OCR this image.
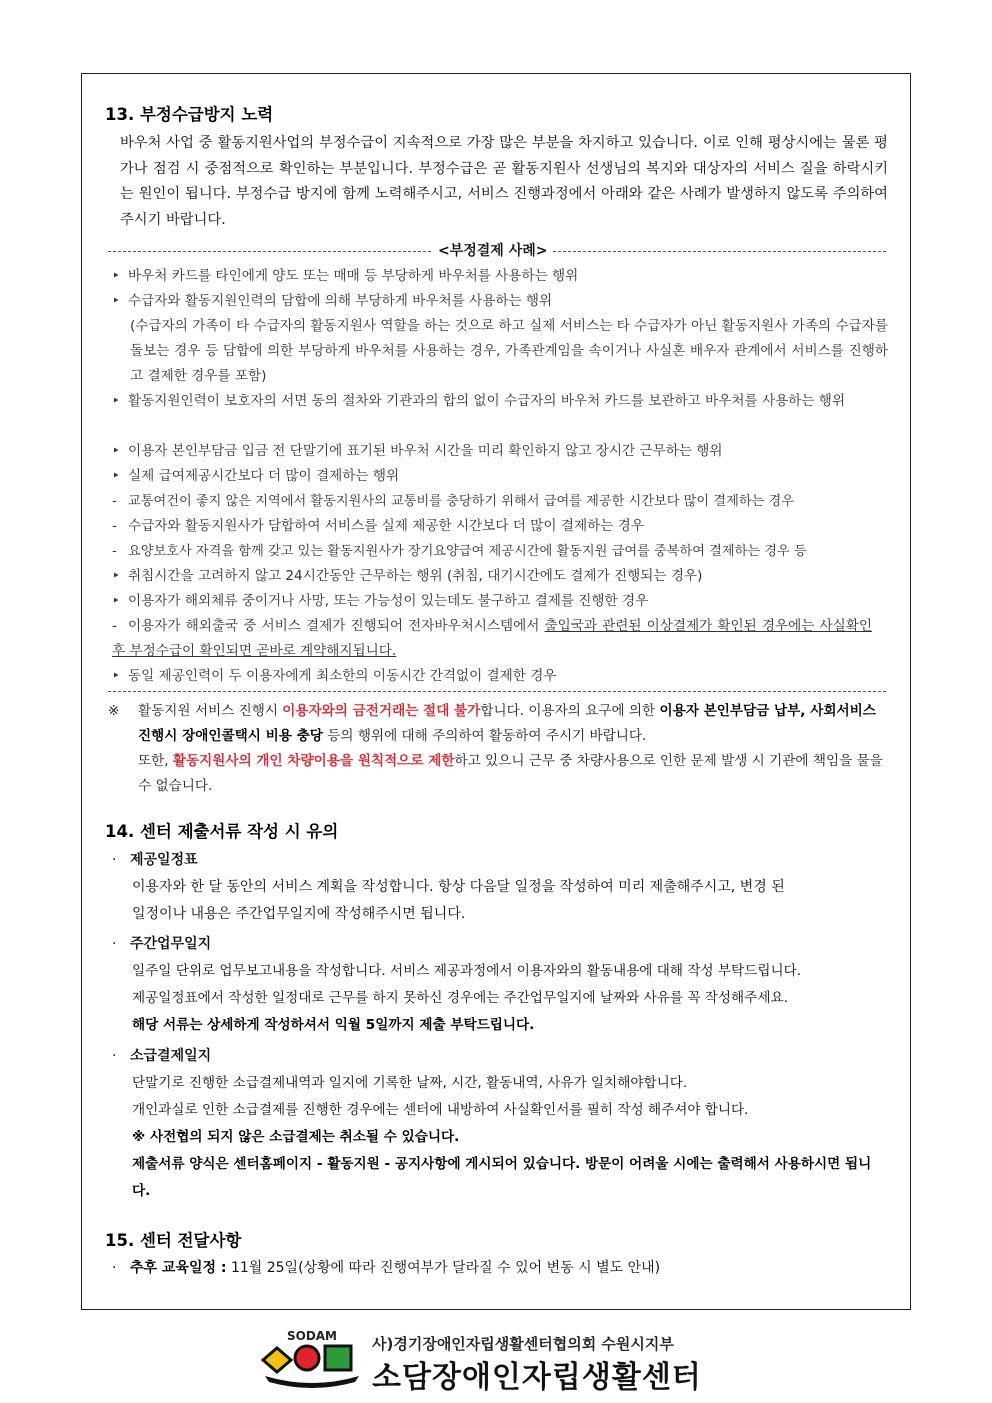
13. 부정수급방지 노력
바우처 사업 중 활동지원사업의 부정수급이 지속적으로 가장 많은 부분을 차지하고 있습니다. 이로 인해 평상시에는 물론 평가나 점검 시 중점적으로 확인하는 부분입니다. 부정수급은 곧 활동지원사 선생님의 복지와 대상자의 서비스 질을 하락시키는 원인이 됩니다. 부정수급 방지에 함께 노력해주시고, 서비스 진행과정에서 아래와 같은 사례가 발생하지 않도록 주의하여 주시기 바랍니다.
<부정결제 사례>
‣ 바우처 카드를 타인에게 양도 또는 매매 등 부당하게 바우처를 사용하는 행위
‣ 수급자와 활동지원인력의 담합에 의해 부당하게 바우처를 사용하는 행위
(수급자의 가족이 타 수급자의 활동지원사 역할을 하는 것으로 하고 실제 서비스는 타 수급자가 아닌 활동지원사 가족의 수급자를 돌보는 경우 등 담합에 의한 부당하게 바우처를 사용하는 경우, 가족관계임을 속이거나 사실혼 배우자 관계에서 서비스를 진행하고 결제한 경우를 포함)
‣ 활동지원인력이 보호자의 서면 동의 절차와 기관과의 합의 없이 수급자의 바우처 카드를 보관하고 바우처를 사용하는 행위
‣ 이용자 본인부담금 입금 전 단말기에 표기된 바우처 시간을 미리 확인하지 않고 장시간 근무하는 행위
‣ 실제 급여제공시간보다 더 많이 결제하는 행위
- 교통여건이 좋지 않은 지역에서 활동지원사의 교통비를 충당하기 위해서 급여를 제공한 시간보다 많이 결제하는 경우
- 수급자와 활동지원사가 담합하여 서비스를 실제 제공한 시간보다 더 많이 결제하는 경우
- 요양보호사 자격을 함께 갖고 있는 활동지원사가 장기요양급여 제공시간에 활동지원 급여를 중복하여 결제하는 경우 등
‣ 취침시간을 고려하지 않고 24시간동안 근무하는 행위 (취침, 대기시간에도 결제가 진행되는 경우)
‣ 이용자가 해외체류 중이거나 사망, 또는 가능성이 있는데도 불구하고 결제를 진행한 경우
- 이용자가 해외출국 중 서비스 결제가 진행되어 전자바우처시스템에서 출입국과 관련된 이상결제가 확인된 경우에는 사실확인 후 부정수급이 확인되면 곧바로 계약해지됩니다.
‣ 동일 제공인력이 두 이용자에게 최소한의 이동시간 간격없이 결제한 경우
※ 활동지원 서비스 진행시 이용자와의 금전거래는 절대 불가합니다. 이용자의 요구에 의한 이용자 본인부담금 납부, 사회서비스 진행시 장애인콜택시 비용 충당 등의 행위에 대해 주의하여 활동하여 주시기 바랍니다.
또한, 활동지원사의 개인 차량이용을 원칙적으로 제한하고 있으니 근무 중 차량사용으로 인한 문제 발생 시 기관에 책임을 물을 수 없습니다.
14. 센터 제출서류 작성 시 유의
· 제공일정표
이용자와 한 달 동안의 서비스 계획을 작성합니다. 항상 다음달 일정을 작성하여 미리 제출해주시고, 변경 된
일정이나 내용은 주간업무일지에 작성해주시면 됩니다.
· 주간업무일지
일주일 단위로 업무보고내용을 작성합니다. 서비스 제공과정에서 이용자와의 활동내용에 대해 작성 부탁드립니다.
제공일정표에서 작성한 일정대로 근무를 하지 못하신 경우에는 주간업무일지에 날짜와 사유를 꼭 작성해주세요.
해당 서류는 상세하게 작성하셔서 익월 5일까지 제출 부탁드립니다.
· 소급결제일지
단말기로 진행한 소급결제내역과 일지에 기록한 날짜, 시간, 활동내역, 사유가 일치해야합니다.
개인과실로 인한 소급결제를 진행한 경우에는 센터에 내방하여 사실확인서를 필히 작성 해주셔야 합니다.
※ 사전협의 되지 않은 소급결제는 취소될 수 있습니다.
제출서류 양식은 센터홈페이지 - 활동지원 - 공지사항에 게시되어 있습니다. 방문이 어려울 시에는 출력해서 사용하시면 됩니다.
15. 센터 전달사항
· 추후 교육일정 : 11월 25일(상황에 따라 진행여부가 달라질 수 있어 변동 시 별도 안내)
SODAM 사)경기장애인자립생활센터협의회 수원시지부
소담장애인자립생활센터
